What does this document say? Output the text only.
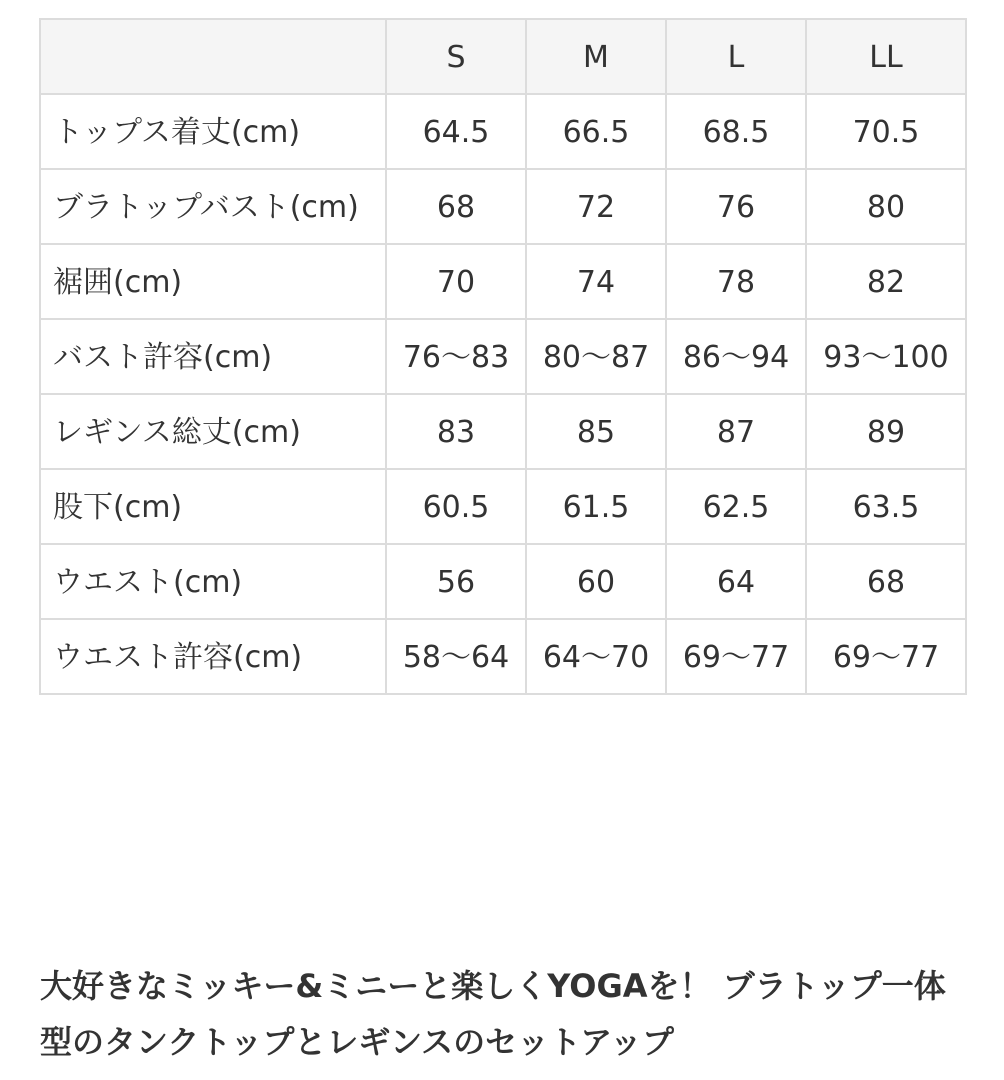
	S	M	L	LL
トップス着丈(cm)	64.5	66.5	68.5	70.5
ブラトップバスト(cm)	68	72	76	80
裾囲(cm)	70	74	78	82
バスト許容(cm)	76〜83	80〜87	86〜94	93〜100
レギンス総丈(cm)	83	85	87	89
股下(cm)	60.5	61.5	62.5	63.5
ウエスト(cm)	56	60	64	68
ウエスト許容(cm)	58〜64	64〜70	69〜77	69〜77

大好きなミッキー&ミニーと楽しくYOGAを！ ブラトップ一体型のタンクトップとレギンスのセットアップ
